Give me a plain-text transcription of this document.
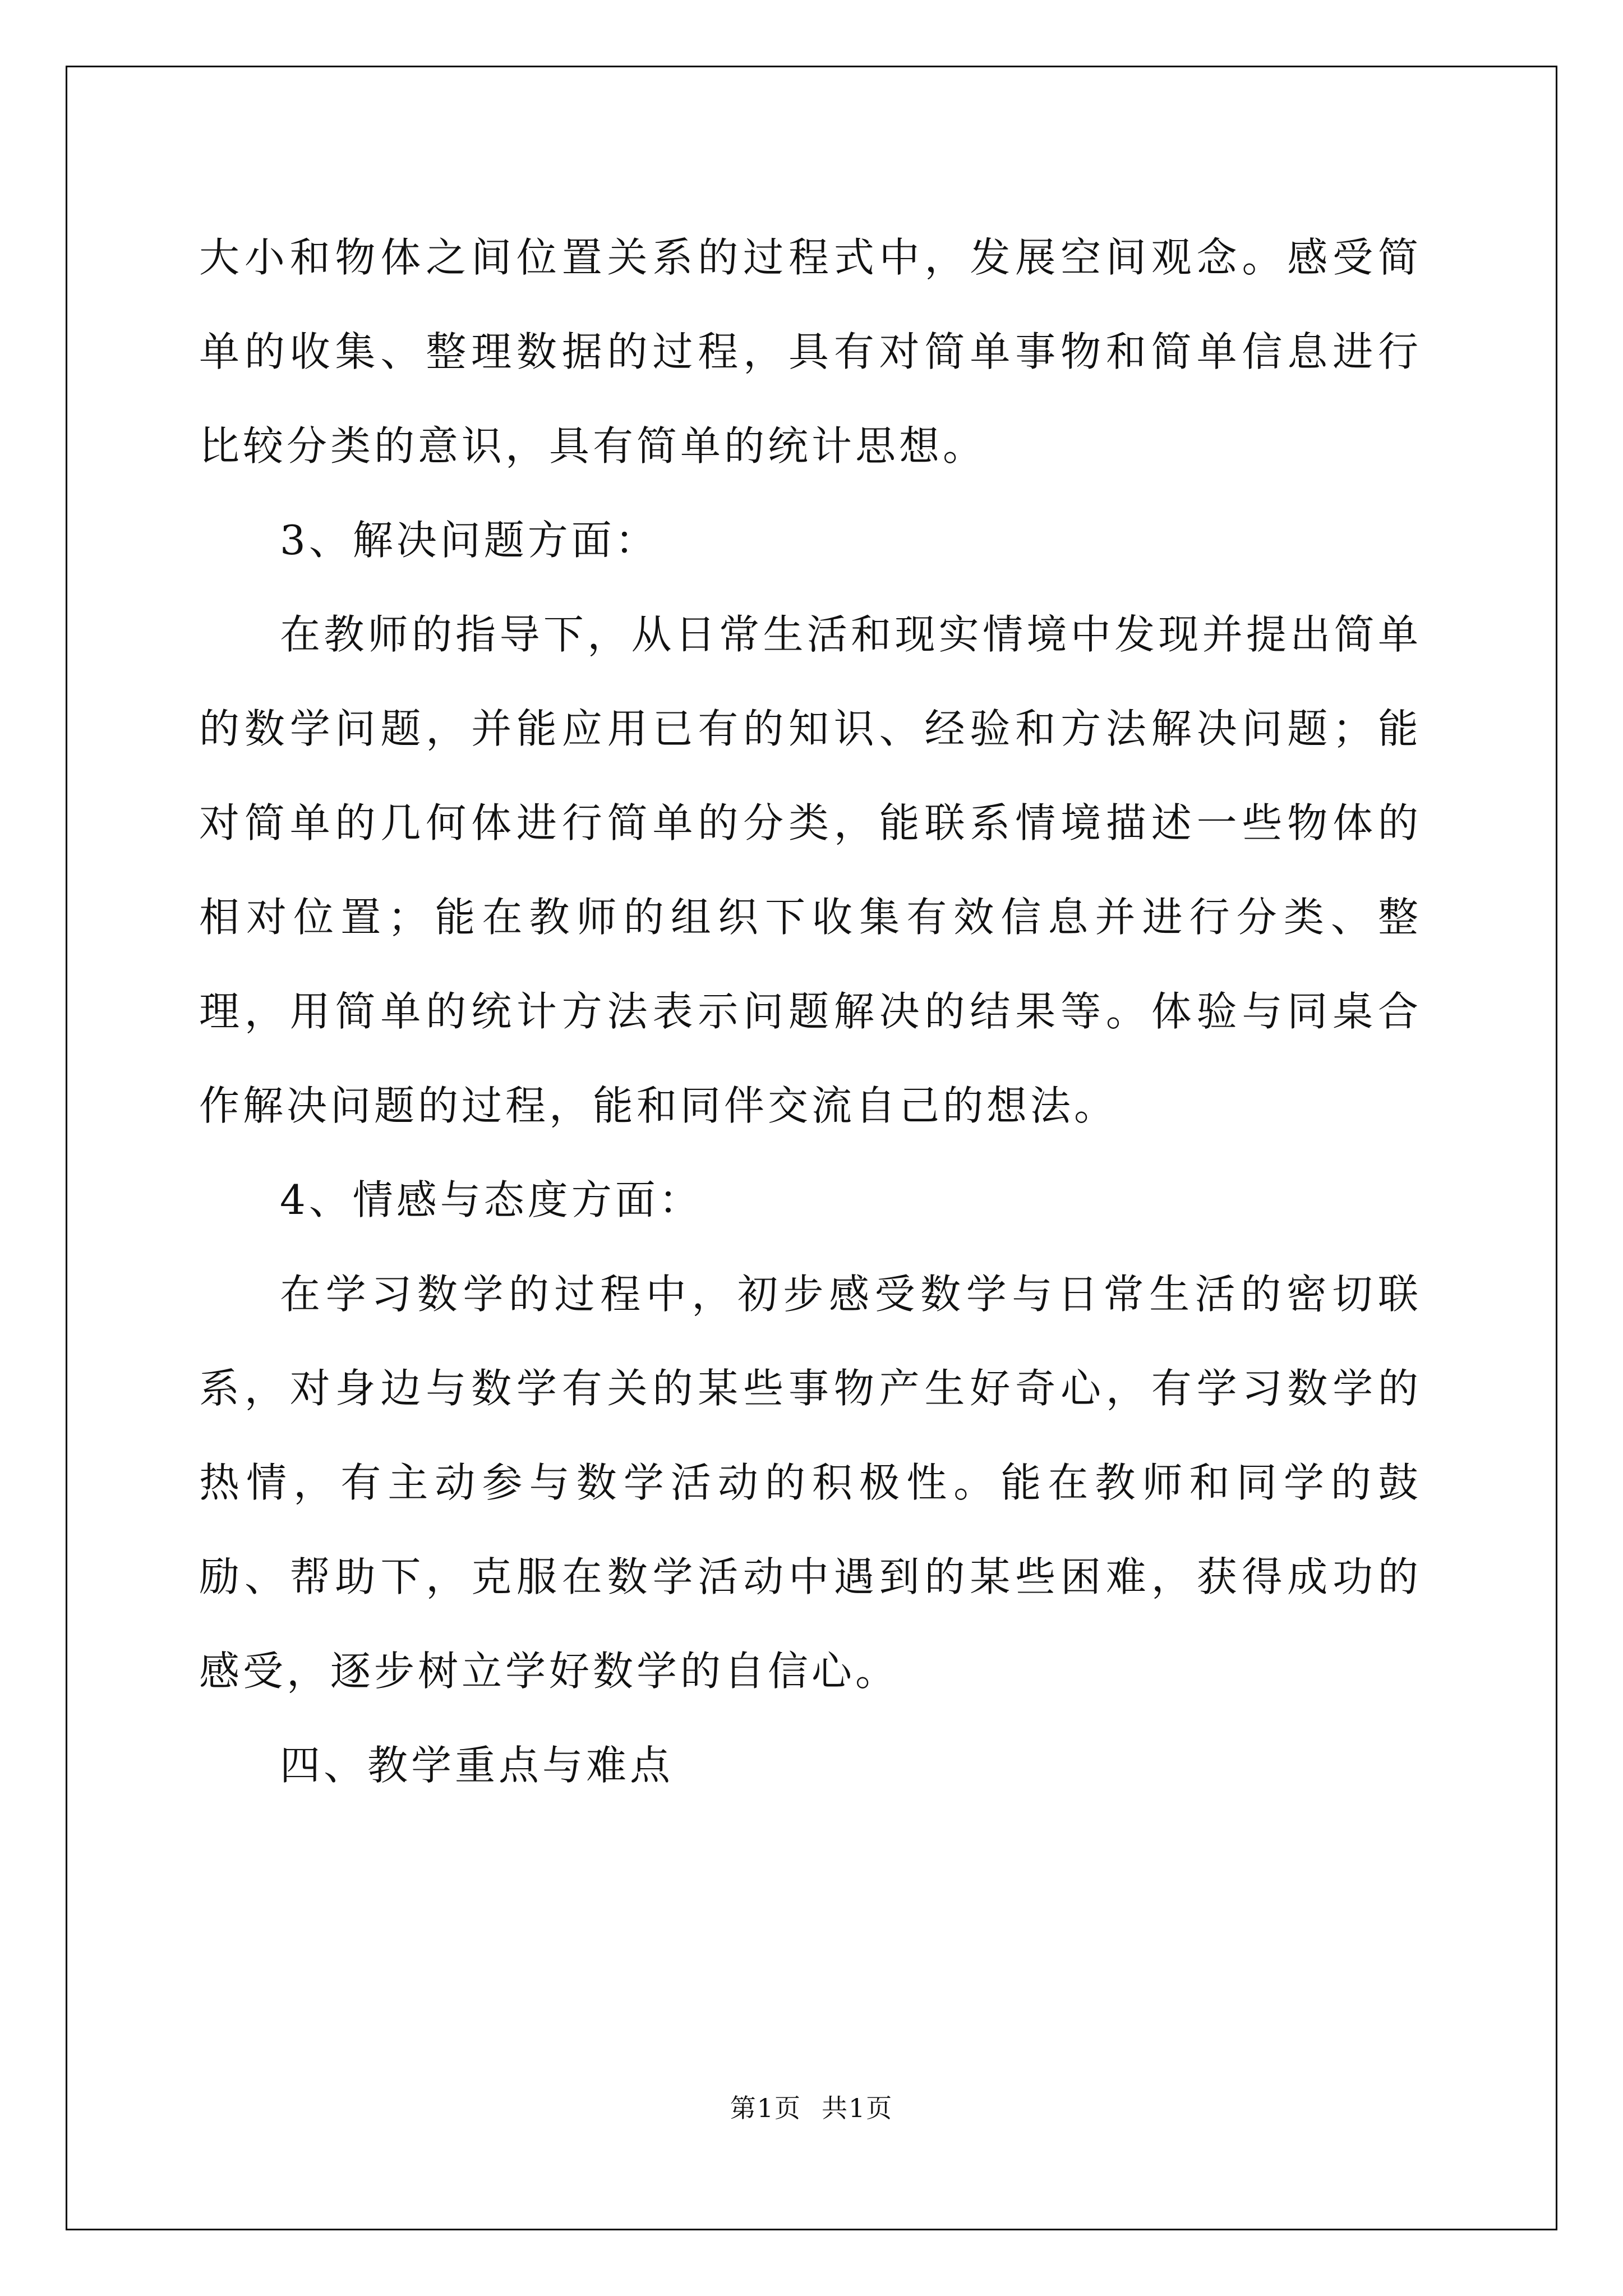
大小和物体之间位置关系的过程式中，发展空间观念。感受简单的收集、整理数据的过程，具有对简单事物和简单信息进行比较分类的意识，具有简单的统计思想。

3、解决问题方面：

在教师的指导下，从日常生活和现实情境中发现并提出简单的数学问题，并能应用已有的知识、经验和方法解决问题；能对简单的几何体进行简单的分类，能联系情境描述一些物体的相对位置；能在教师的组织下收集有效信息并进行分类、整理，用简单的统计方法表示问题解决的结果等。体验与同桌合作解决问题的过程，能和同伴交流自己的想法。

4、情感与态度方面：

在学习数学的过程中，初步感受数学与日常生活的密切联系，对身边与数学有关的某些事物产生好奇心，有学习数学的热情，有主动参与数学活动的积极性。能在教师和同学的鼓励、帮助下，克服在数学活动中遇到的某些困难，获得成功的感受，逐步树立学好数学的自信心。

四、教学重点与难点

第1页 共1页
